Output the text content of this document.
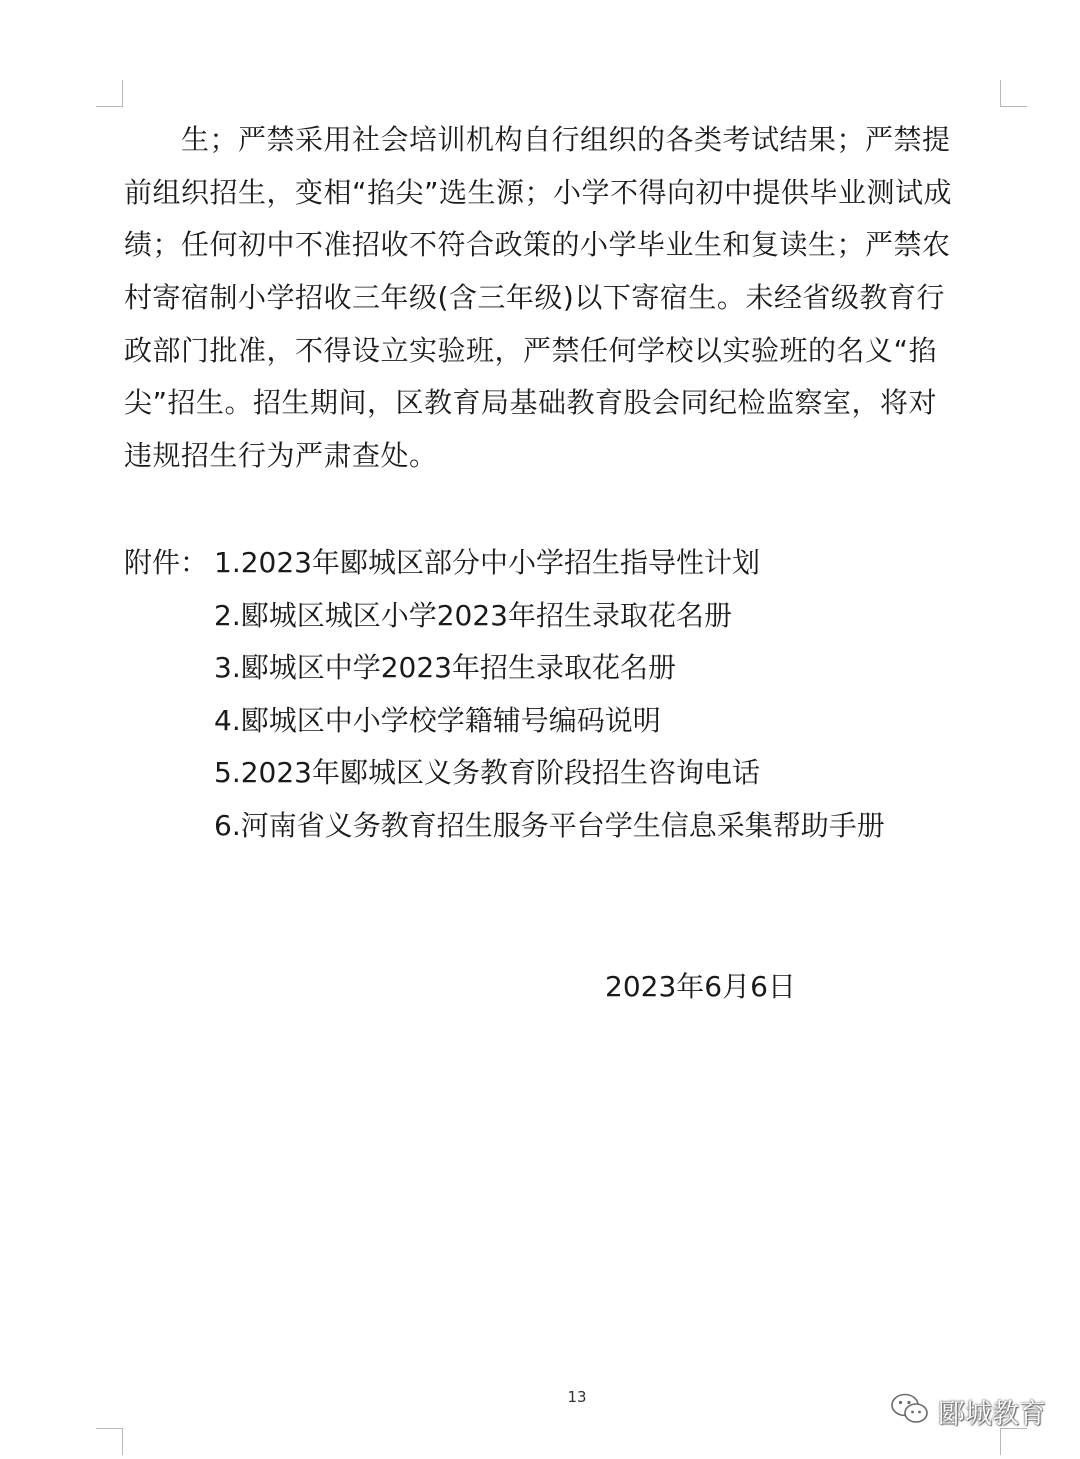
　　生；严禁采用社会培训机构自行组织的各类考试结果；严禁提
前组织招生，变相“掐尖”选生源；小学不得向初中提供毕业测试成
绩；任何初中不准招收不符合政策的小学毕业生和复读生；严禁农
村寄宿制小学招收三年级(含三年级)以下寄宿生。未经省级教育行
政部门批准，不得设立实验班，严禁任何学校以实验班的名义“掐
尖”招生。招生期间，区教育局基础教育股会同纪检监察室，将对
违规招生行为严肃查处。
附件： 1.2023年郾城区部分中小学招生指导性计划
2.郾城区城区小学2023年招生录取花名册
3.郾城区中学2023年招生录取花名册
4.郾城区中小学校学籍辅号编码说明
5.2023年郾城区义务教育阶段招生咨询电话
6.河南省义务教育招生服务平台学生信息采集帮助手册
2023年6月6日
13
郾城教育
